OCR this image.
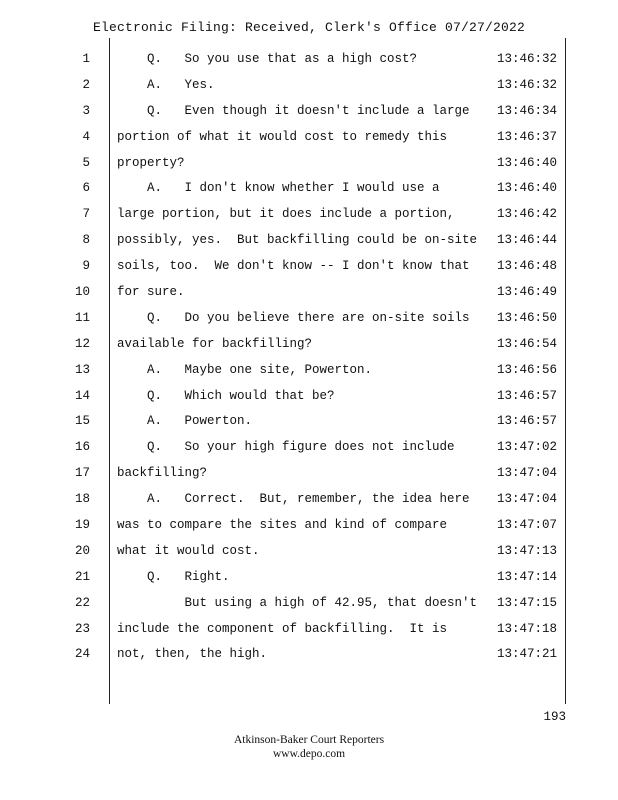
Electronic Filing: Received, Clerk's Office 07/27/2022
1 Q.   So you use that as a high cost?	13:46:32
2 A.   Yes.	13:46:32
3 Q.   Even though it doesn't include a large 13:46:34
4 portion of what it would cost to remedy this	13:46:37
5 property?	13:46:40
6 A.   I don't know whether I would use a	13:46:40
7 large portion, but it does include a portion,	13:46:42
8 possibly, yes.  But backfilling could be on-site 13:46:44
9 soils, too.  We don't know -- I don't know that 13:46:48
10 for sure.	13:46:49
11 Q.   Do you believe there are on-site soils 13:46:50
12 available for backfilling?	13:46:54
13 A.   Maybe one site, Powerton.	13:46:56
14 Q.   Which would that be?	13:46:57
15 A.   Powerton.	13:46:57
16 Q.   So your high figure does not include	13:47:02
17 backfilling?	13:47:04
18 A.   Correct.  But, remember, the idea here 13:47:04
19 was to compare the sites and kind of compare	13:47:07
20 what it would cost.	13:47:13
21 Q.   Right.	13:47:14
22 But using a high of 42.95, that doesn't 13:47:15
23 include the component of backfilling.  It is	13:47:18
24 not, then, the high.	13:47:21
193
Atkinson-Baker Court Reporters
www.depo.com
